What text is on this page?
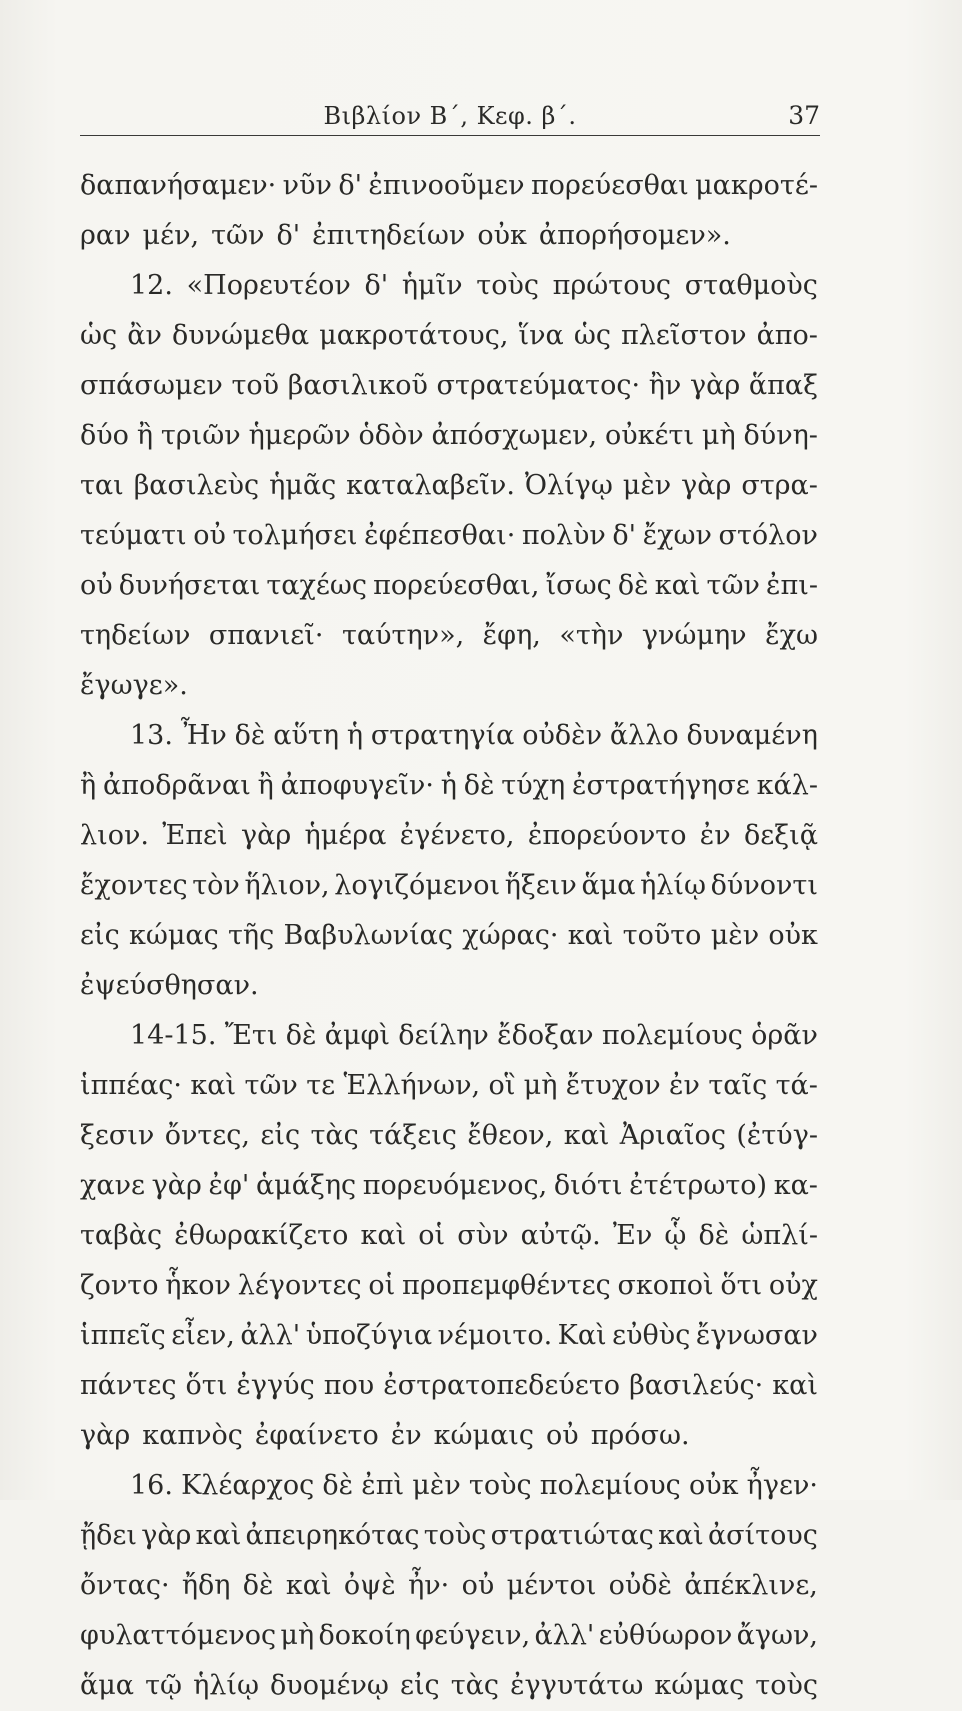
Βιβλίον Β΄, Κεφ. β΄.	37
δαπανήσαμεν· νῦν δ' ἐπινοοῦμεν πορεύεσθαι μακροτέ-
ραν μέν, τῶν δ' ἐπιτηδείων οὐκ ἀπορήσομεν».
12. «Πορευτέον δ' ἡμῖν τοὺς πρώτους σταθμοὺς
ὡς ἂν δυνώμεθα μακροτάτους, ἵνα ὡς πλεῖστον ἀπο-
σπάσωμεν τοῦ βασιλικοῦ στρατεύματος· ἢν γὰρ ἅπαξ
δύο ἢ τριῶν ἡμερῶν ὁδὸν ἀπόσχωμεν, οὐκέτι μὴ δύνη-
ται βασιλεὺς ἡμᾶς καταλαβεῖν. Ὀλίγῳ μὲν γὰρ στρα-
τεύματι οὐ τολμήσει ἐφέπεσθαι· πολὺν δ' ἔχων στόλον
οὐ δυνήσεται ταχέως πορεύεσθαι, ἴσως δὲ καὶ τῶν ἐπι-
τηδείων σπανιεῖ· ταύτην», ἔφη, «τὴν γνώμην ἔχω
ἔγωγε».
13. Ἦν δὲ αὕτη ἡ στρατηγία οὐδὲν ἄλλο δυναμένη
ἢ ἀποδρᾶναι ἢ ἀποφυγεῖν· ἡ δὲ τύχη ἐστρατήγησε κάλ-
λιον. Ἐπεὶ γὰρ ἡμέρα ἐγένετο, ἐπορεύοντο ἐν δεξιᾷ
ἔχοντες τὸν ἥλιον, λογιζόμενοι ἥξειν ἅμα ἡλίῳ δύνοντι
εἰς κώμας τῆς Βαβυλωνίας χώρας· καὶ τοῦτο μὲν οὐκ
ἐψεύσθησαν.
14-15. Ἔτι δὲ ἀμφὶ δείλην ἔδοξαν πολεμίους ὁρᾶν
ἱππέας· καὶ τῶν τε Ἑλλήνων, οἳ μὴ ἔτυχον ἐν ταῖς τά-
ξεσιν ὄντες, εἰς τὰς τάξεις ἔθεον, καὶ Ἀριαῖος (ἐτύγ-
χανε γὰρ ἐφ' ἁμάξης πορευόμενος, διότι ἐτέτρωτο) κα-
ταβὰς ἐθωρακίζετο καὶ οἱ σὺν αὐτῷ. Ἐν ᾧ δὲ ὡπλί-
ζοντο ἧκον λέγοντες οἱ προπεμφθέντες σκοποὶ ὅτι οὐχ
ἱππεῖς εἶεν, ἀλλ' ὑποζύγια νέμοιτο. Καὶ εὐθὺς ἔγνωσαν
πάντες ὅτι ἐγγύς που ἐστρατοπεδεύετο βασιλεύς· καὶ
γὰρ καπνὸς ἐφαίνετο ἐν κώμαις οὐ πρόσω.
16. Κλέαρχος δὲ ἐπὶ μὲν τοὺς πολεμίους οὐκ ἦγεν·
ᾔδει γὰρ καὶ ἀπειρηκότας τοὺς στρατιώτας καὶ ἀσίτους
ὄντας· ἤδη δὲ καὶ ὀψὲ ἦν· οὐ μέντοι οὐδὲ ἀπέκλινε,
φυλαττόμενος μὴ δοκοίη φεύγειν, ἀλλ' εὐθύωρον ἄγων,
ἅμα τῷ ἡλίῳ δυομένῳ εἰς τὰς ἐγγυτάτω κώμας τοὺς
